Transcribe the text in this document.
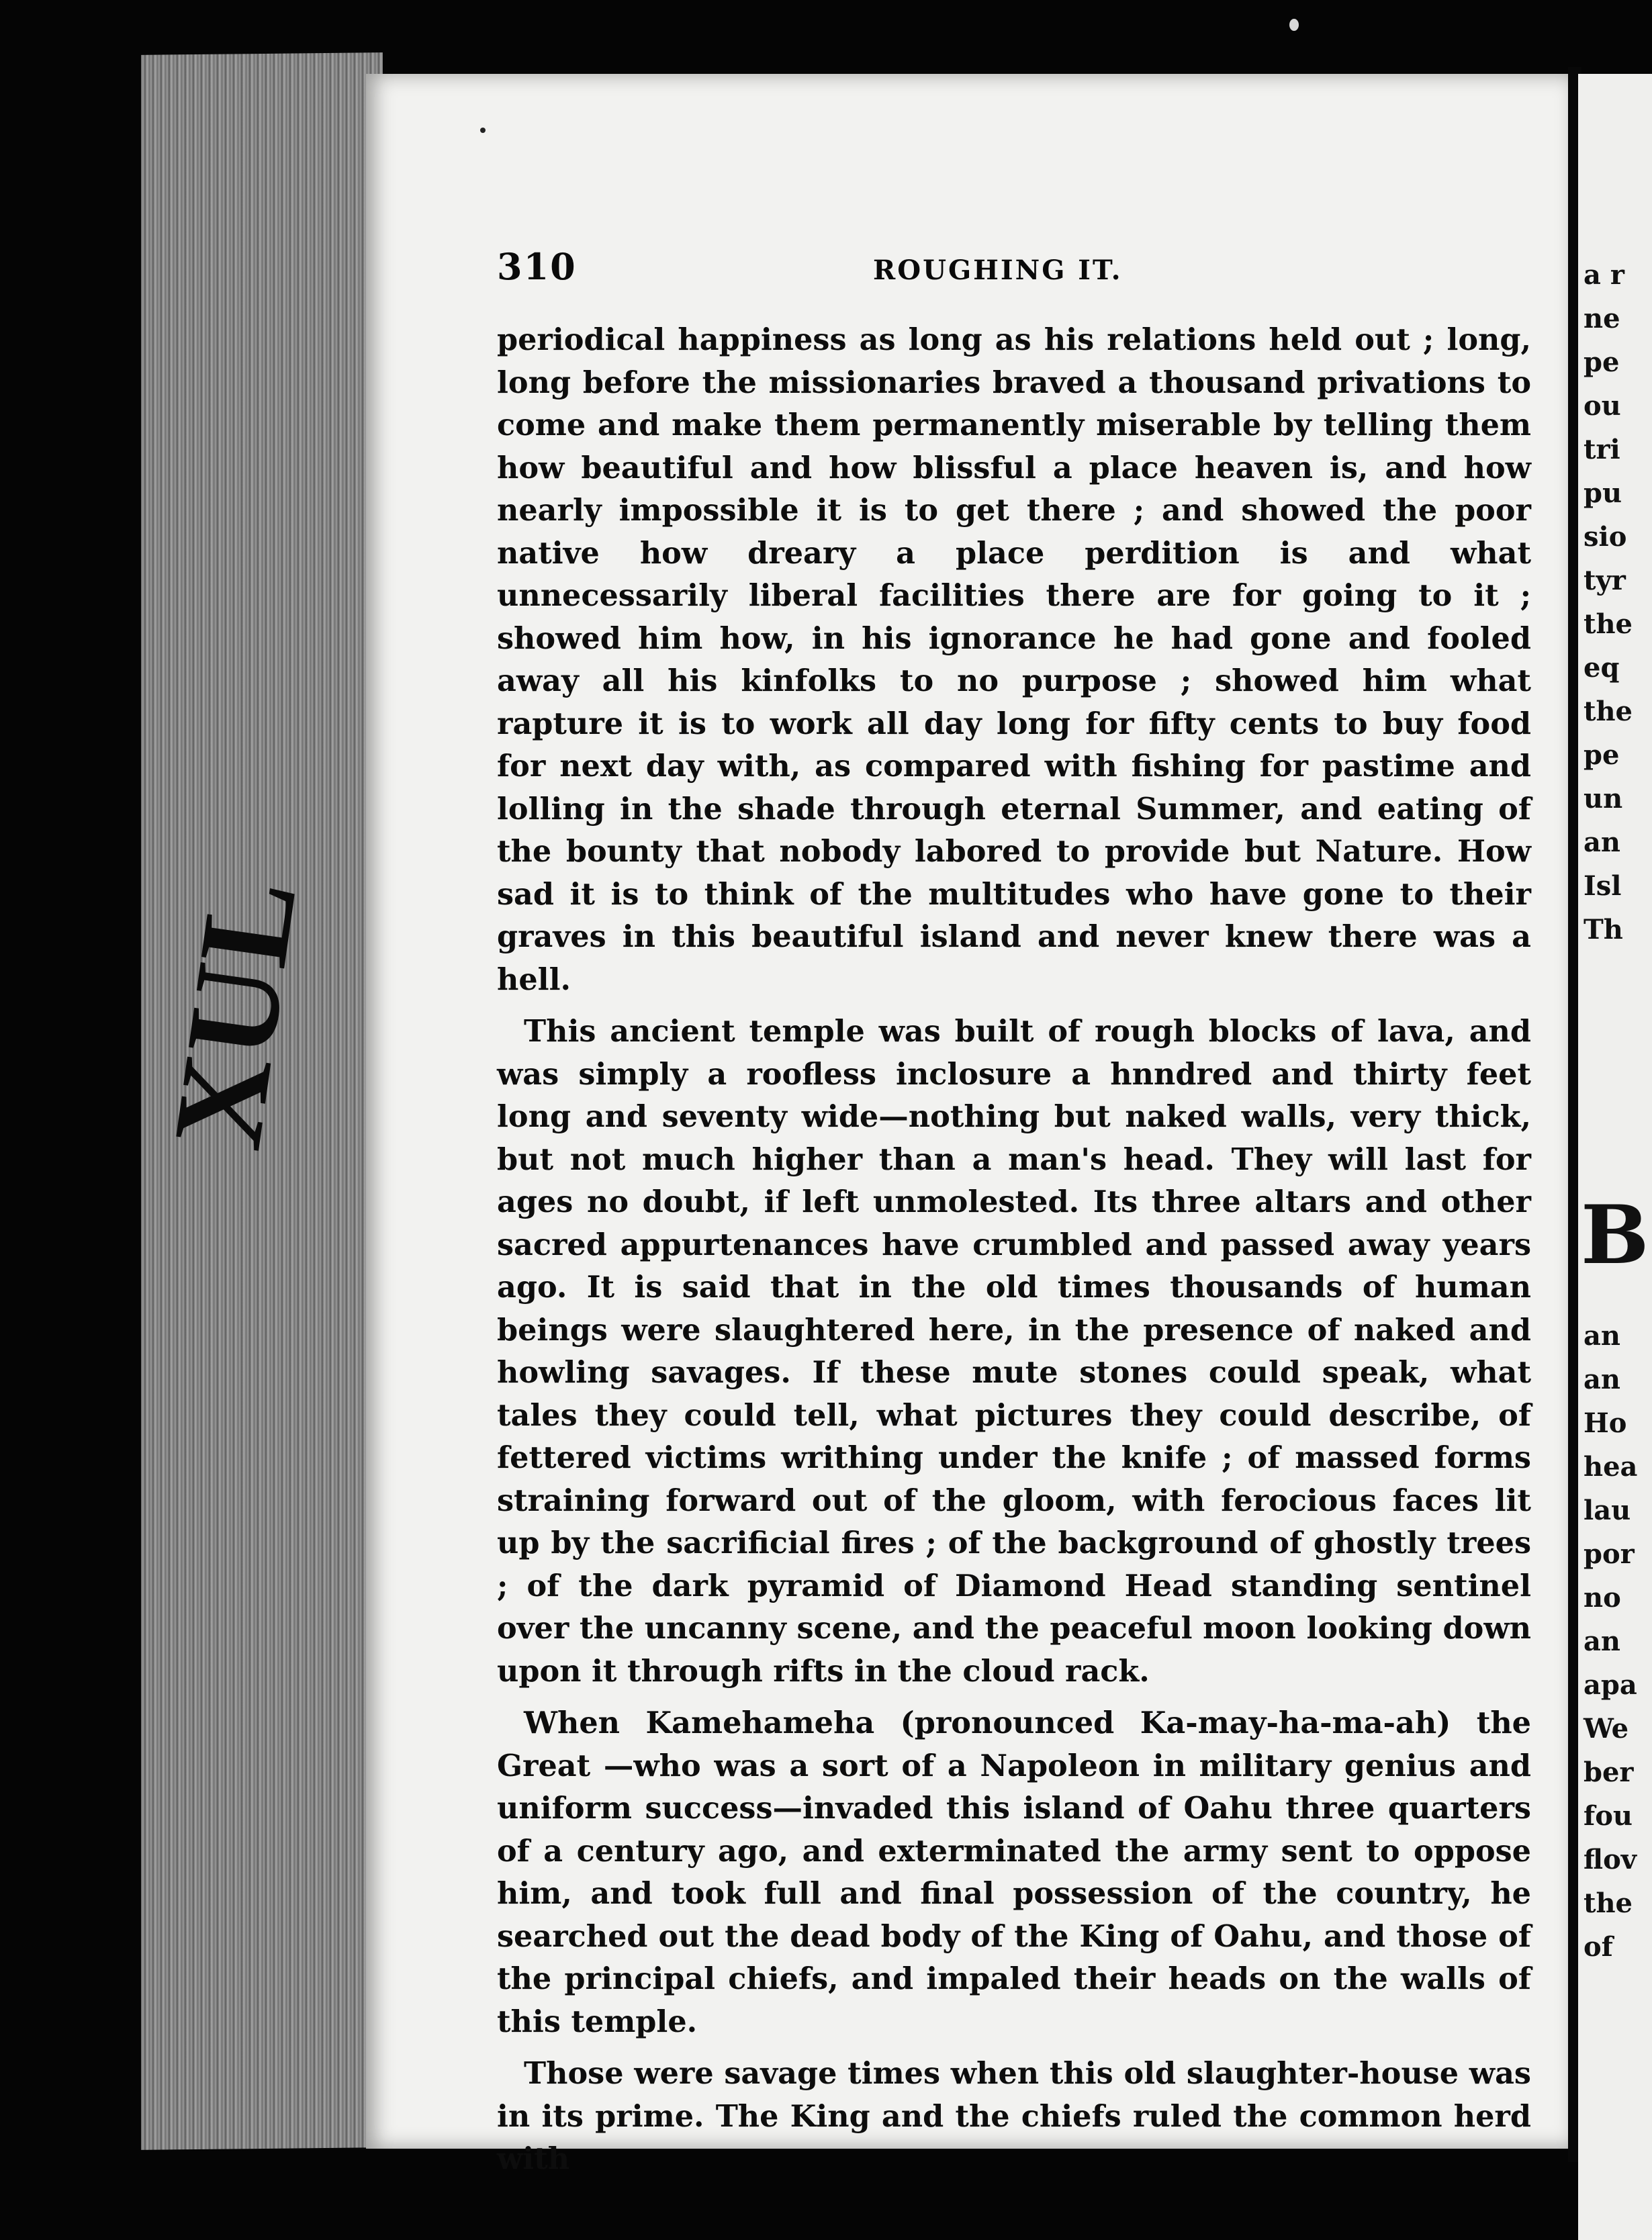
XUL
310	ROUGHING IT.

periodical happiness as long as his relations held out ; long, long before the missionaries braved a thousand privations to come and make them permanently miserable by telling them how beautiful and how blissful a place heaven is, and how nearly impossible it is to get there ; and showed the poor native how dreary a place perdition is and what unnecessarily liberal facilities there are for going to it ; showed him how, in his ignorance he had gone and fooled away all his kinfolks to no purpose ; showed him what rapture it is to work all day long for fifty cents to buy food for next day with, as compared with fishing for pastime and lolling in the shade through eternal Summer, and eating of the bounty that nobody labored to provide but Nature. How sad it is to think of the multitudes who have gone to their graves in this beautiful island and never knew there was a hell.

This ancient temple was built of rough blocks of lava, and was simply a roofless inclosure a hnndred and thirty feet long and seventy wide—nothing but naked walls, very thick, but not much higher than a man's head. They will last for ages no doubt, if left unmolested. Its three altars and other sacred appurtenances have crumbled and passed away years ago. It is said that in the old times thousands of human beings were slaughtered here, in the presence of naked and howling savages. If these mute stones could speak, what tales they could tell, what pictures they could describe, of fettered victims writhing under the knife ; of massed forms straining forward out of the gloom, with ferocious faces lit up by the sacrificial fires ; of the background of ghostly trees ; of the dark pyramid of Diamond Head standing sentinel over the uncanny scene, and the peaceful moon looking down upon it through rifts in the cloud rack.

When Kamehameha (pronounced Ka-may-ha-ma-ah) the Great —who was a sort of a Napoleon in military genius and uniform success—invaded this island of Oahu three quarters of a century ago, and exterminated the army sent to oppose him, and took full and final possession of the country, he searched out the dead body of the King of Oahu, and those of the principal chiefs, and impaled their heads on the walls of this temple.

Those were savage times when this old slaughter-house was in its prime. The King and the chiefs ruled the common herd with

a r
ne
pe
ou
tri
pu
sio
tyr
the
eq
the
pe
un
an
Isl
Th
B
an
an
Ho
hea
lau
por
no
an
apa
We
ber
fou
flov
the
of
